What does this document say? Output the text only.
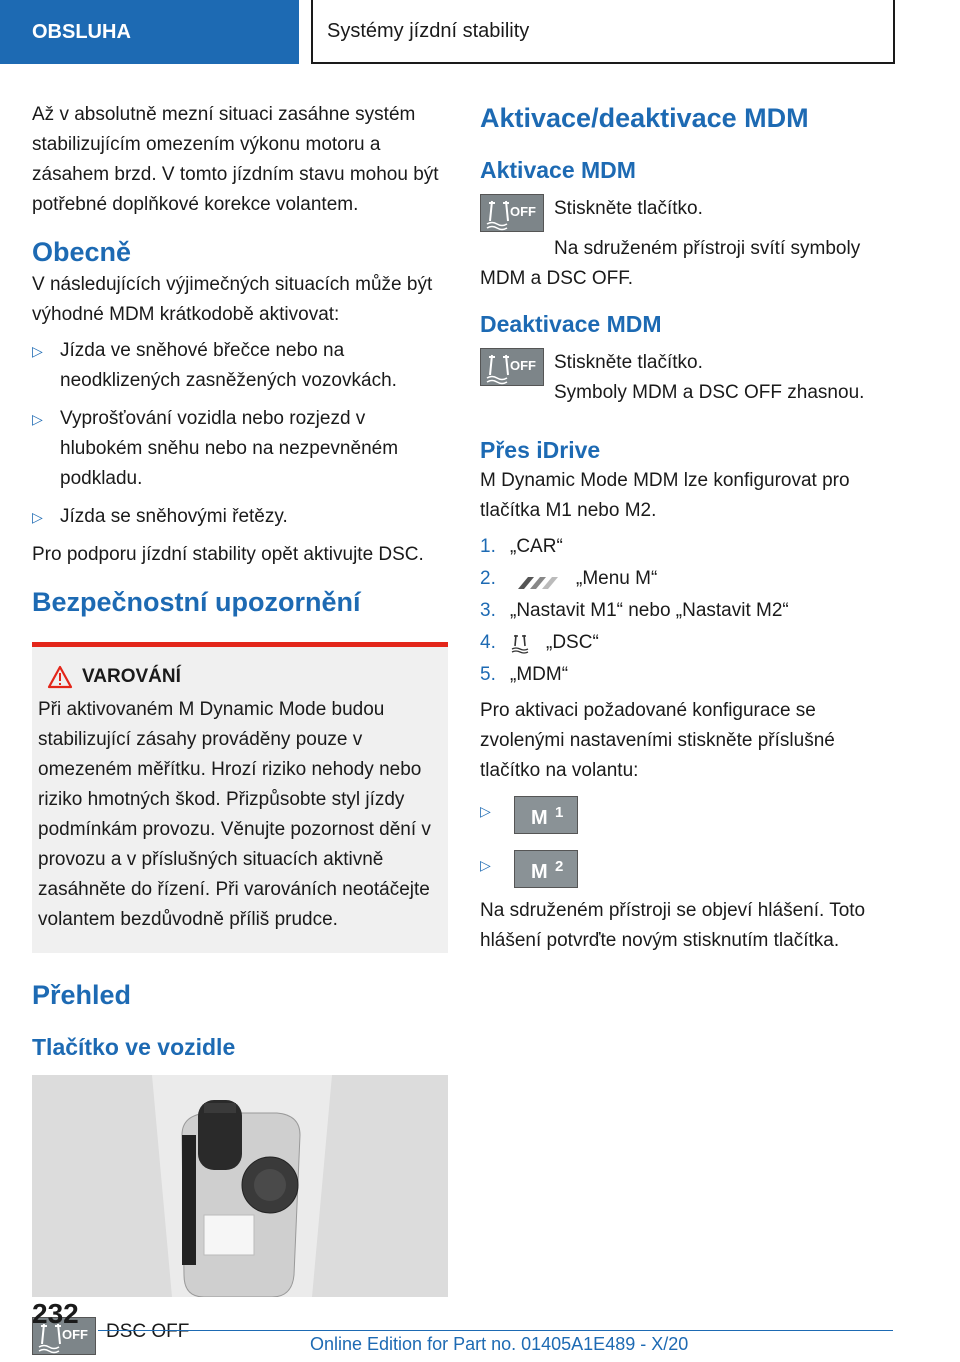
OBSLUHA	Systémy jízdní stability

Až v absolutně mezní situaci zasáhne systém stabilizujícím omezením výkonu motoru a zásahem brzd. V tomto jízdním stavu mohou být potřebné doplňkové korekce volantem.

Obecně

V následujících výjimečných situacích může být výhodné MDM krátkodobě aktivovat:

▷ Jízda ve sněhové břečce nebo na neodklizených zasněžených vozovkách.
▷ Vyprošťování vozidla nebo rozjezd v hlubokém sněhu nebo na nezpevněném podkladu.
▷ Jízda se sněhovými řetězy.

Pro podporu jízdní stability opět aktivujte DSC.

Bezpečnostní upozornění
VAROVÁNÍ

Při aktivovaném M Dynamic Mode budou stabilizující zásahy prováděny pouze v omezeném měřítku. Hrozí riziko nehody nebo riziko hmotných škod. Přizpůsobte styl jízdy podmínkám provozu. Věnujte pozornost dění v provozu a v příslušných situacích aktivně zasáhněte do řízení. Při varováních neotáčejte volantem bezdůvodně příliš prudce.

Přehled
Tlačítko ve vozidle
OFF DSC OFF

Aktivace/deaktivace MDM
Aktivace MDM
OFF Stiskněte tlačítko.

Na sdruženém přístroji svítí symboly MDM a DSC OFF.

Deaktivace MDM
OFF Stiskněte tlačítko.

Symboly MDM a DSC OFF zhasnou.

Přes iDrive

M Dynamic Mode MDM lze konfigurovat pro tlačítka M1 nebo M2.

1. „CAR“
2.	„Menu M“
3. „Nastavit M1“ nebo „Nastavit M2“
4.	„DSC“
5. „MDM“

Pro aktivaci požadované konfigurace se zvolenými nastaveními stiskněte příslušné tlačítko na volantu:

▷	M 1
▷	M 2

Na sdruženém přístroji se objeví hlášení. Toto hlášení potvrďte novým stisknutím tlačítka.

232
Online Edition for Part no. 01405A1E489 - X/20
